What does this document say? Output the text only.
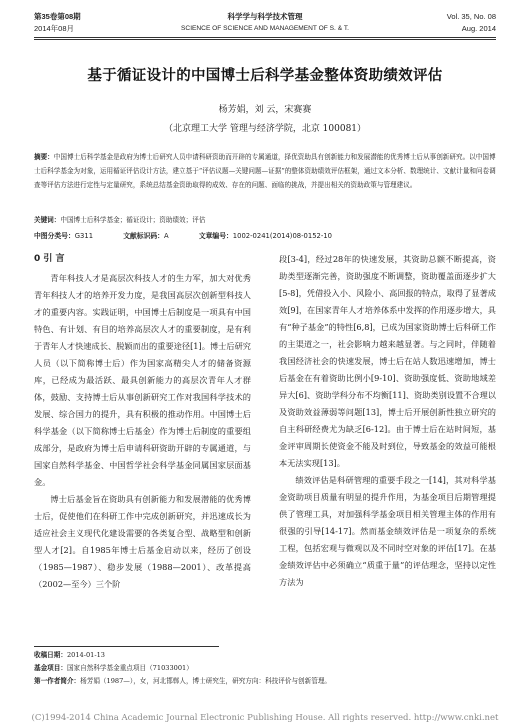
第35卷第08期
2014年08月
科学学与科学技术管理
SCIENCE OF SCIENCE AND MANAGEMENT OF S. & T.
Vol. 35, No. 08
Aug. 2014
基于循证设计的中国博士后科学基金整体资助绩效评估
杨芳娟，刘 云，宋赛赛
（北京理工大学 管理与经济学院，北京 100081）
摘要：中国博士后科学基金是政府为博士后研究人员申请科研资助而开辟的专属通道，择优资助具有创新能力和发展潜能的优秀博士后从事创新研究。以中国博士后科学基金为对象，运用循证评估设计方法，建立基于“评估议题—关键问题—证据”的整体资助绩效评估框架，通过文本分析、数理统计、文献计量和问卷调查等评估方法进行定性与定量研究，系统总结基金资助取得的成效、存在的问题、面临的挑战，并提出相关的资助政策与管理建议。
关键词：中国博士后科学基金；循证设计；资助绩效；评估
中图分类号：G311	文献标识码：A	文章编号：1002-0241(2014)08-0152-10
0 引 言

青年科技人才是高层次科技人才的生力军，加大对优秀青年科技人才的培养开发力度，是我国高层次创新型科技人才的重要内容。实践证明，中国博士后制度是一项具有中国特色、有计划、有目的培养高层次人才的重要制度，是有利于青年人才快速成长、脱颖而出的重要途径[1]。博士后研究人员（以下简称博士后）作为国家高精尖人才的储备资源库，已经成为最活跃、最具创新能力的高层次青年人才群体，鼓励、支持博士后从事创新研究工作对我国科学技术的发展、综合国力的提升，具有积极的推动作用。中国博士后科学基金（以下简称博士后基金）作为博士后制度的重要组成部分，是政府为博士后申请科研资助开辟的专属通道，与国家自然科学基金、中国哲学社会科学基金同属国家层面基金。

博士后基金旨在资助具有创新能力和发展潜能的优秀博士后，促使他们在科研工作中完成创新研究，并迅速成长为适应社会主义现代化建设需要的各类复合型、战略型和创新型人才[2]。自1985年博士后基金启动以来，经历了创设（1985—1987）、稳步发展（1988—2001）、改革提高（2002—至今）三个阶

段[3-4]，经过28年的快速发展，其资助总额不断提高，资助类型逐渐完善，资助强度不断调整，资助覆盖面逐步扩大[5-8]，凭借投入小、风险小、高回报的特点，取得了显著成效[9]，在国家青年人才培养体系中发挥的作用逐步增大，具有“种子基金”的特性[6,8]，已成为国家资助博士后科研工作的主渠道之一，社会影响力越来越显著。与之同时，伴随着我国经济社会的快速发展，博士后在站人数迅速增加，博士后基金在有着资助比例小[9-10]、资助强度低、资助地域差异大[6]、资助学科分布不均衡[11]、资助类别设置不合理以及资助效益薄弱等问题[13]，博士后开展创新性独立研究的自主科研经费尤为缺乏[6-12]。由于博士后在站时间短，基金评审周期长使资金不能及时到位，导致基金的效益可能根本无法实现[13]。

绩效评估是科研管理的重要手段之一[14]，其对科学基金资助项目质量有明显的提升作用，为基金项目后期管理提供了管理工具，对加强科学基金项目相关管理主体的作用有很强的引导[14-17]。然而基金绩效评估是一项复杂的系统工程，包括宏观与微观以及不同时空对象的评估[17]。在基金绩效评估中必须确立“质重于量”的评估理念，坚持以定性方法为

收稿日期：2014-01-13
基金项目：国家自然科学基金重点项目（71033001）
第一作者简介：杨芳娟（1987—），女，河北邯郸人，博士研究生，研究方向：科技评价与创新管理。
(C)1994-2014 China Academic Journal Electronic Publishing House. All rights reserved. http://www.cnki.net
